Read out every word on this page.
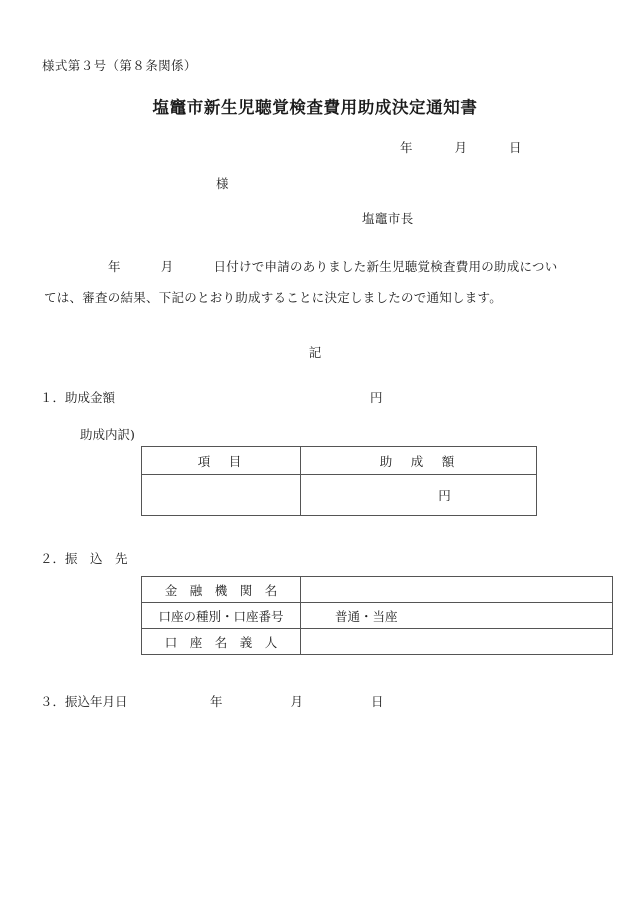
様式第３号（第８条関係）
塩竈市新生児聴覚検査費用助成決定通知書
年	月	日
様
塩竈市長
年	月	日付けで申請のありました新生児聴覚検査費用の助成につい
ては、審査の結果、下記のとおり助成することに決定しましたので通知します。
記
１．助成金額	円
助成内訳)
項　目	助　成　額
	円
２．振　込　先
金　融　機　関　名	
口座の種別・口座番号	普通・当座
口　座　名　義　人	
３．振込年月日	年	月	日
